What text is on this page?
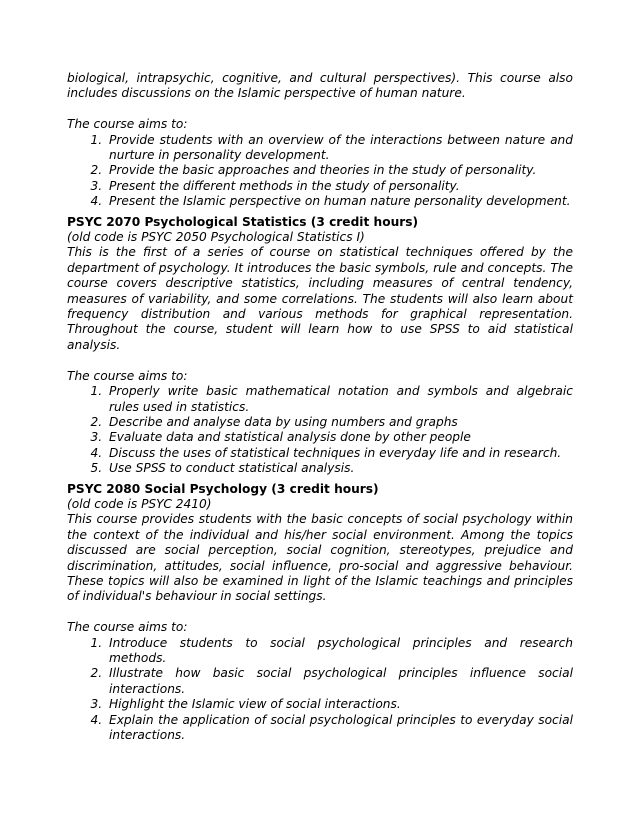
biological, intrapsychic, cognitive, and cultural perspectives). This course also includes discussions on the Islamic perspective of human nature.

The course aims to:

1. Provide students with an overview of the interactions between nature and nurture in personality development.
2. Provide the basic approaches and theories in the study of personality.
3. Present the different methods in the study of personality.
4. Present the Islamic perspective on human nature personality development.

PSYC 2070 Psychological Statistics (3 credit hours)

(old code is PSYC 2050 Psychological Statistics I)

This is the first of a series of course on statistical techniques offered by the department of psychology. It introduces the basic symbols, rule and concepts. The course covers descriptive statistics, including measures of central tendency, measures of variability, and some correlations. The students will also learn about frequency distribution and various methods for graphical representation. Throughout the course, student will learn how to use SPSS to aid statistical analysis.

The course aims to:

1. Properly write basic mathematical notation and symbols and algebraic rules used in statistics.
2. Describe and analyse data by using numbers and graphs
3. Evaluate data and statistical analysis done by other people
4. Discuss the uses of statistical techniques in everyday life and in research.
5. Use SPSS to conduct statistical analysis.

PSYC 2080 Social Psychology (3 credit hours)

(old code is PSYC 2410)

This course provides students with the basic concepts of social psychology within the context of the individual and his/her social environment. Among the topics discussed are social perception, social cognition, stereotypes, prejudice and discrimination, attitudes, social influence, pro-social and aggressive behaviour. These topics will also be examined in light of the Islamic teachings and principles of individual's behaviour in social settings.

The course aims to:

1. Introduce students to social psychological principles and research methods.
2. Illustrate how basic social psychological principles influence social interactions.
3. Highlight the Islamic view of social interactions.
4. Explain the application of social psychological principles to everyday social interactions.
